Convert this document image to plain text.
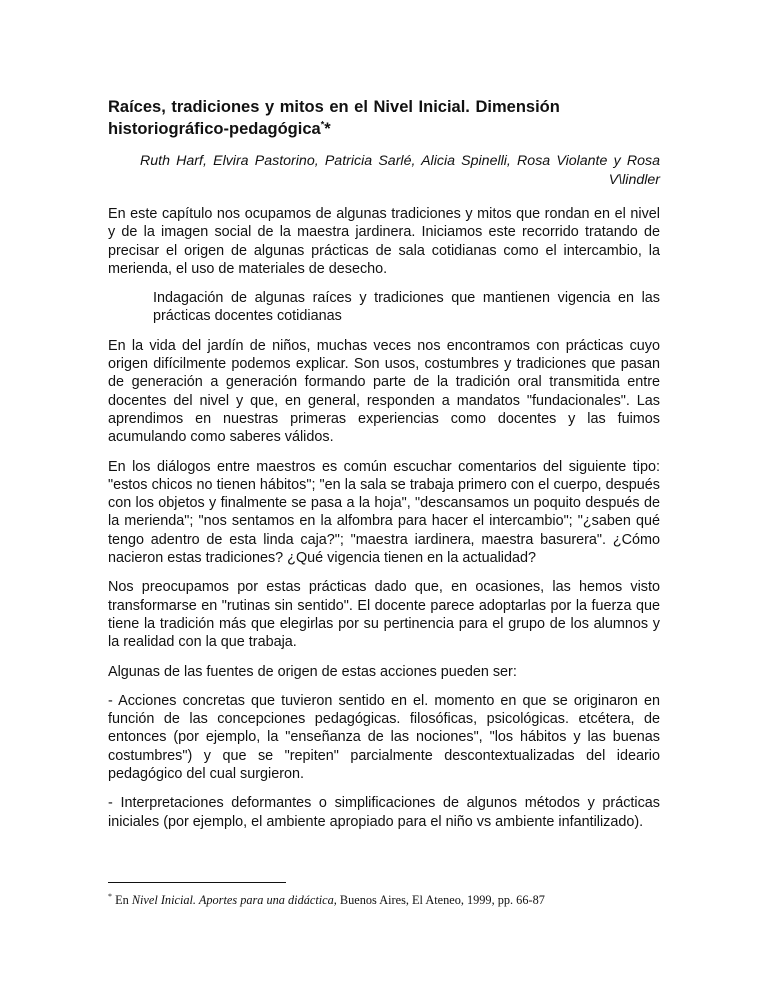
Raíces, tradiciones y mitos en el Nivel Inicial. Dimensión
historiográfico-pedagógica**
Ruth Harf, Elvira Pastorino, Patricia Sarlé, Alicia Spinelli, Rosa Violante y Rosa V\lindler

En este capítulo nos ocupamos de algunas tradiciones y mitos que rondan en el nivel y de la imagen social de la maestra jardinera. Iniciamos este recorrido tratando de precisar el origen de algunas prácticas de sala cotidianas como el intercambio, la merienda, el uso de materiales de desecho.

Indagación de algunas raíces y tradiciones que mantienen vigencia en las prácticas docentes cotidianas

En la vida del jardín de niños, muchas veces nos encontramos con prácticas cuyo origen difícilmente podemos explicar. Son usos, costumbres y tradiciones que pasan de generación a generación formando parte de la tradición oral transmitida entre docentes del nivel y que, en general, responden a mandatos "fundacionales". Las aprendimos en nuestras primeras experiencias como docentes y las fuimos acumulando como saberes válidos.

En los diálogos entre maestros es común escuchar comentarios del siguiente tipo: "estos chicos no tienen hábitos"; "en la sala se trabaja primero con el cuerpo, después con los objetos y finalmente se pasa a la hoja", "descansamos un poquito después de la merienda"; "nos sentamos en la alfombra para hacer el intercambio"; "¿saben qué tengo adentro de esta linda caja?"; "maestra iardinera, maestra basurera". ¿Cómo nacieron estas tradiciones? ¿Qué vigencia tienen en la actualidad?

Nos preocupamos por estas prácticas dado que, en ocasiones, las hemos visto transformarse en "rutinas sin sentido". El docente parece adoptarlas por la fuerza que tiene la tradición más que elegirlas por su pertinencia para el grupo de los alumnos y la realidad con la que trabaja.

Algunas de las fuentes de origen de estas acciones pueden ser:

- Acciones concretas que tuvieron sentido en el. momento en que se originaron en función de las concepciones pedagógicas. filosóficas, psicológicas. etcétera, de entonces (por ejemplo, la "enseñanza de las nociones", "los hábitos y las buenas costumbres") y que se "repiten" parcialmente descontextualizadas del ideario pedagógico del cual surgieron.

- Interpretaciones deformantes o simplificaciones de algunos métodos y prácticas iniciales (por ejemplo, el ambiente apropiado para el niño vs ambiente infantilizado).

* En Nivel Inicial. Aportes para una didáctica, Buenos Aires, El Ateneo, 1999, pp. 66-87
